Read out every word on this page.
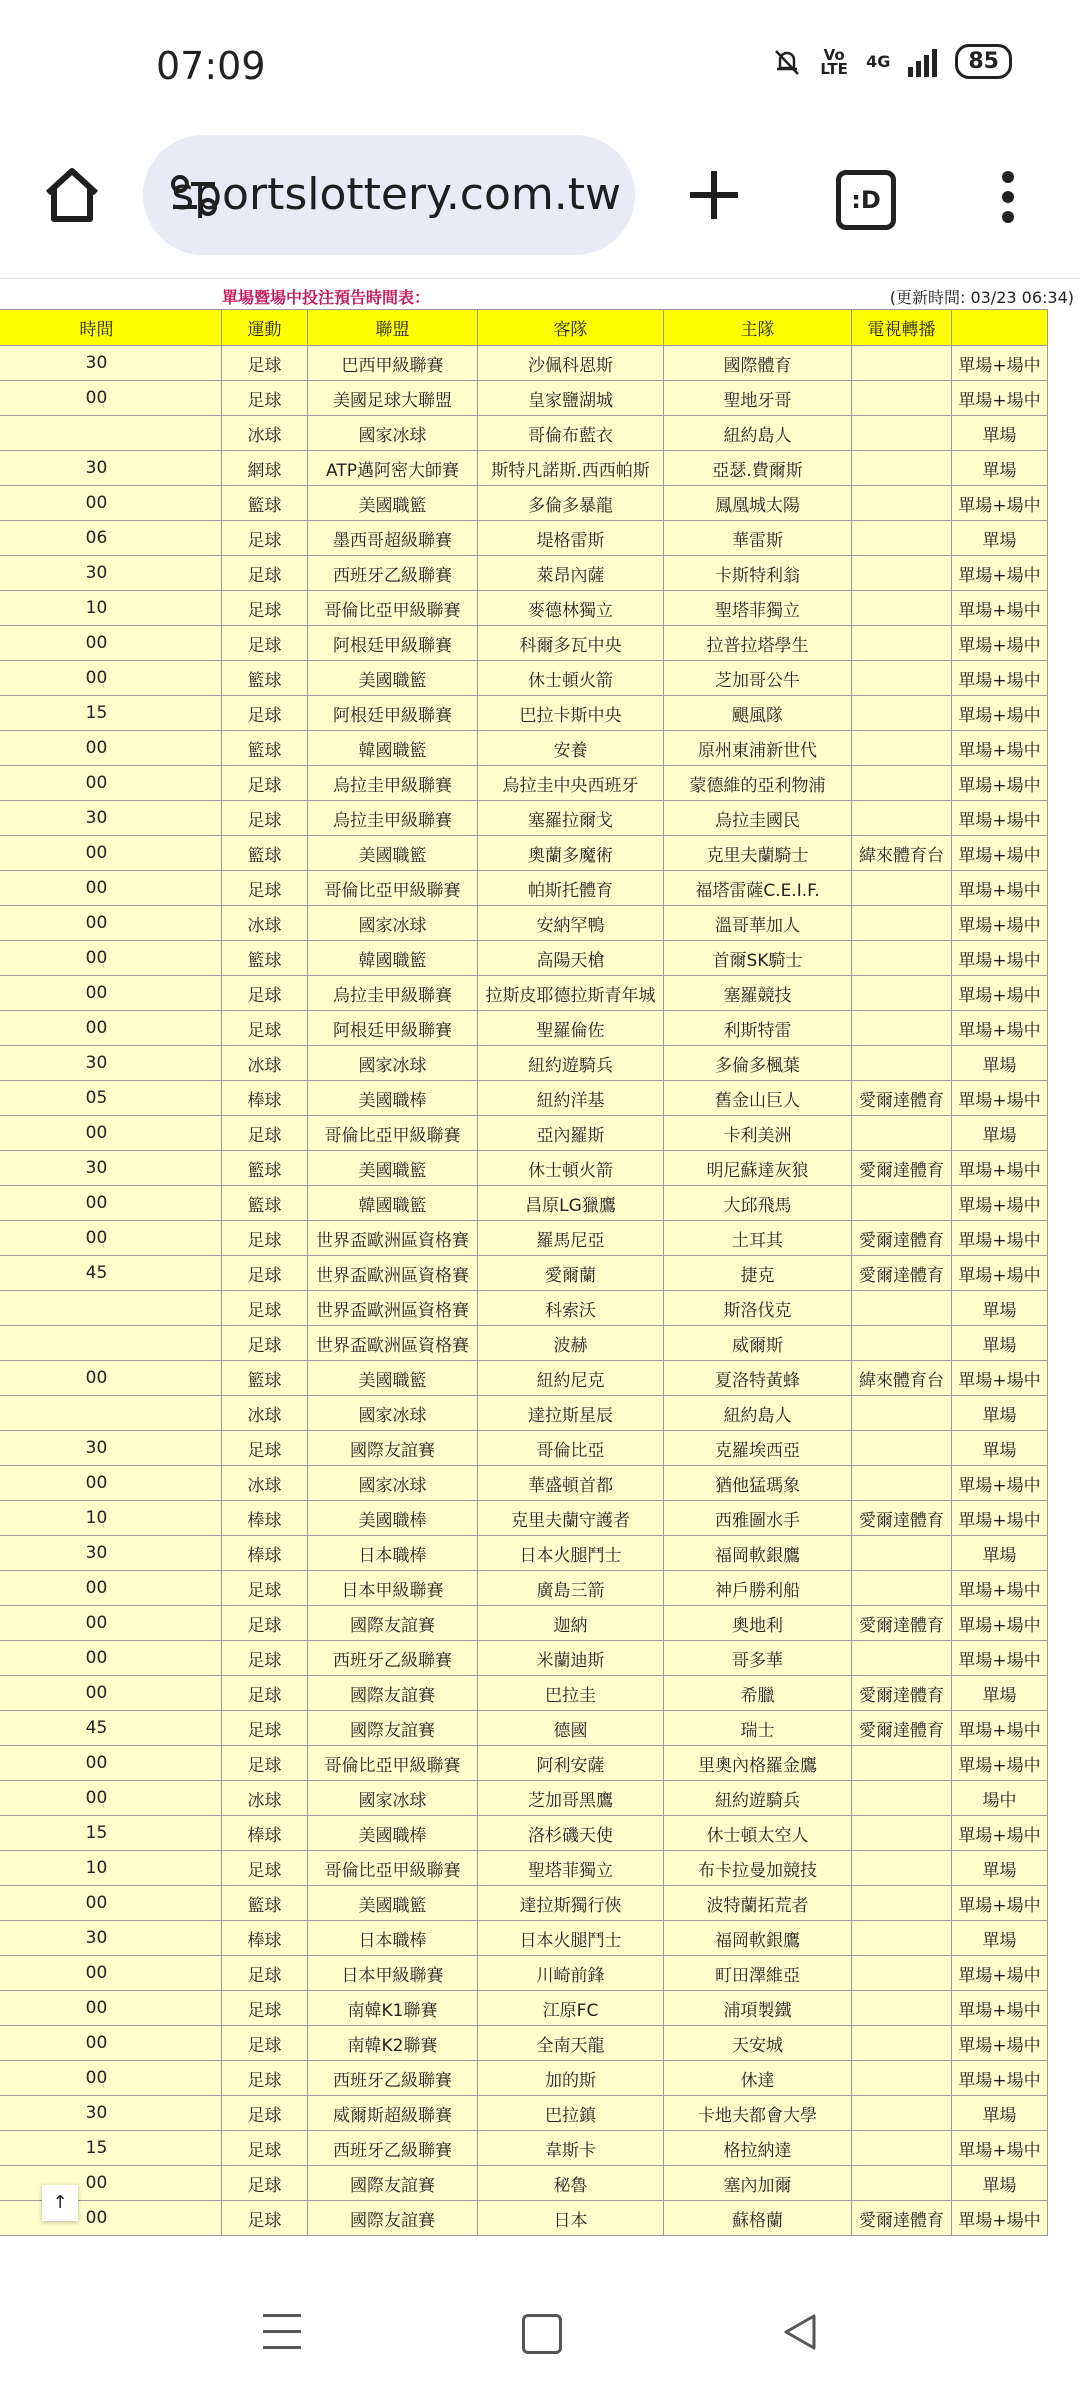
07:09	Vo LTE 4G	85
sportslottery.com.tw	:D
單場暨場中投注預告時間表：	(更新時間: 03/23 06:34)
時間	運動	聯盟	客隊	主隊	電視轉播	
30	足球	巴西甲級聯賽	沙佩科恩斯	國際體育		單場+場中
00	足球	美國足球大聯盟	皇家鹽湖城	聖地牙哥		單場+場中
	冰球	國家冰球	哥倫布藍衣	紐約島人		單場
30	網球	ATP邁阿密大師賽	斯特凡諾斯.西西帕斯	亞瑟.費爾斯		單場
00	籃球	美國職籃	多倫多暴龍	鳳凰城太陽		單場+場中
06	足球	墨西哥超級聯賽	堤格雷斯	華雷斯		單場
30	足球	西班牙乙級聯賽	萊昂內薩	卡斯特利翁		單場+場中
10	足球	哥倫比亞甲級聯賽	麥德林獨立	聖塔菲獨立		單場+場中
00	足球	阿根廷甲級聯賽	科爾多瓦中央	拉普拉塔學生		單場+場中
00	籃球	美國職籃	休士頓火箭	芝加哥公牛		單場+場中
15	足球	阿根廷甲級聯賽	巴拉卡斯中央	颶風隊		單場+場中
00	籃球	韓國職籃	安養	原州東浦新世代		單場+場中
00	足球	烏拉圭甲級聯賽	烏拉圭中央西班牙	蒙德維的亞利物浦		單場+場中
30	足球	烏拉圭甲級聯賽	塞羅拉爾戈	烏拉圭國民		單場+場中
00	籃球	美國職籃	奧蘭多魔術	克里夫蘭騎士	緯來體育台	單場+場中
00	足球	哥倫比亞甲級聯賽	帕斯托體育	福塔雷薩C.E.I.F.		單場+場中
00	冰球	國家冰球	安納罕鴨	溫哥華加人		單場+場中
00	籃球	韓國職籃	高陽天槍	首爾SK騎士		單場+場中
00	足球	烏拉圭甲級聯賽	拉斯皮耶德拉斯青年城	塞羅競技		單場+場中
00	足球	阿根廷甲級聯賽	聖羅倫佐	利斯特雷		單場+場中
30	冰球	國家冰球	紐約遊騎兵	多倫多楓葉		單場
05	棒球	美國職棒	紐約洋基	舊金山巨人	愛爾達體育	單場+場中
00	足球	哥倫比亞甲級聯賽	亞內羅斯	卡利美洲		單場
30	籃球	美國職籃	休士頓火箭	明尼蘇達灰狼	愛爾達體育	單場+場中
00	籃球	韓國職籃	昌原LG獵鷹	大邱飛馬		單場+場中
00	足球	世界盃歐洲區資格賽	羅馬尼亞	土耳其	愛爾達體育	單場+場中
45	足球	世界盃歐洲區資格賽	愛爾蘭	捷克	愛爾達體育	單場+場中
	足球	世界盃歐洲區資格賽	科索沃	斯洛伐克		單場
	足球	世界盃歐洲區資格賽	波赫	威爾斯		單場
00	籃球	美國職籃	紐約尼克	夏洛特黃蜂	緯來體育台	單場+場中
	冰球	國家冰球	達拉斯星辰	紐約島人		單場
30	足球	國際友誼賽	哥倫比亞	克羅埃西亞		單場
00	冰球	國家冰球	華盛頓首都	猶他猛瑪象		單場+場中
10	棒球	美國職棒	克里夫蘭守護者	西雅圖水手	愛爾達體育	單場+場中
30	棒球	日本職棒	日本火腿鬥士	福岡軟銀鷹		單場
00	足球	日本甲級聯賽	廣島三箭	神戶勝利船		單場+場中
00	足球	國際友誼賽	迦納	奧地利	愛爾達體育	單場+場中
00	足球	西班牙乙級聯賽	米蘭迪斯	哥多華		單場+場中
00	足球	國際友誼賽	巴拉圭	希臘	愛爾達體育	單場
45	足球	國際友誼賽	德國	瑞士	愛爾達體育	單場+場中
00	足球	哥倫比亞甲級聯賽	阿利安薩	里奧內格羅金鷹		單場+場中
00	冰球	國家冰球	芝加哥黑鷹	紐約遊騎兵		場中
15	棒球	美國職棒	洛杉磯天使	休士頓太空人		單場+場中
10	足球	哥倫比亞甲級聯賽	聖塔菲獨立	布卡拉曼加競技		單場
00	籃球	美國職籃	達拉斯獨行俠	波特蘭拓荒者		單場+場中
30	棒球	日本職棒	日本火腿鬥士	福岡軟銀鷹		單場
00	足球	日本甲級聯賽	川崎前鋒	町田澤維亞		單場+場中
00	足球	南韓K1聯賽	江原FC	浦項製鐵		單場+場中
00	足球	南韓K2聯賽	全南天龍	天安城		單場+場中
00	足球	西班牙乙級聯賽	加的斯	休達		單場+場中
30	足球	威爾斯超級聯賽	巴拉鎮	卡地夫都會大學		單場
15	足球	西班牙乙級聯賽	韋斯卡	格拉納達		單場+場中
00	足球	國際友誼賽	秘魯	塞內加爾		單場
00	足球	國際友誼賽	日本	蘇格蘭	愛爾達體育	單場+場中
↑
